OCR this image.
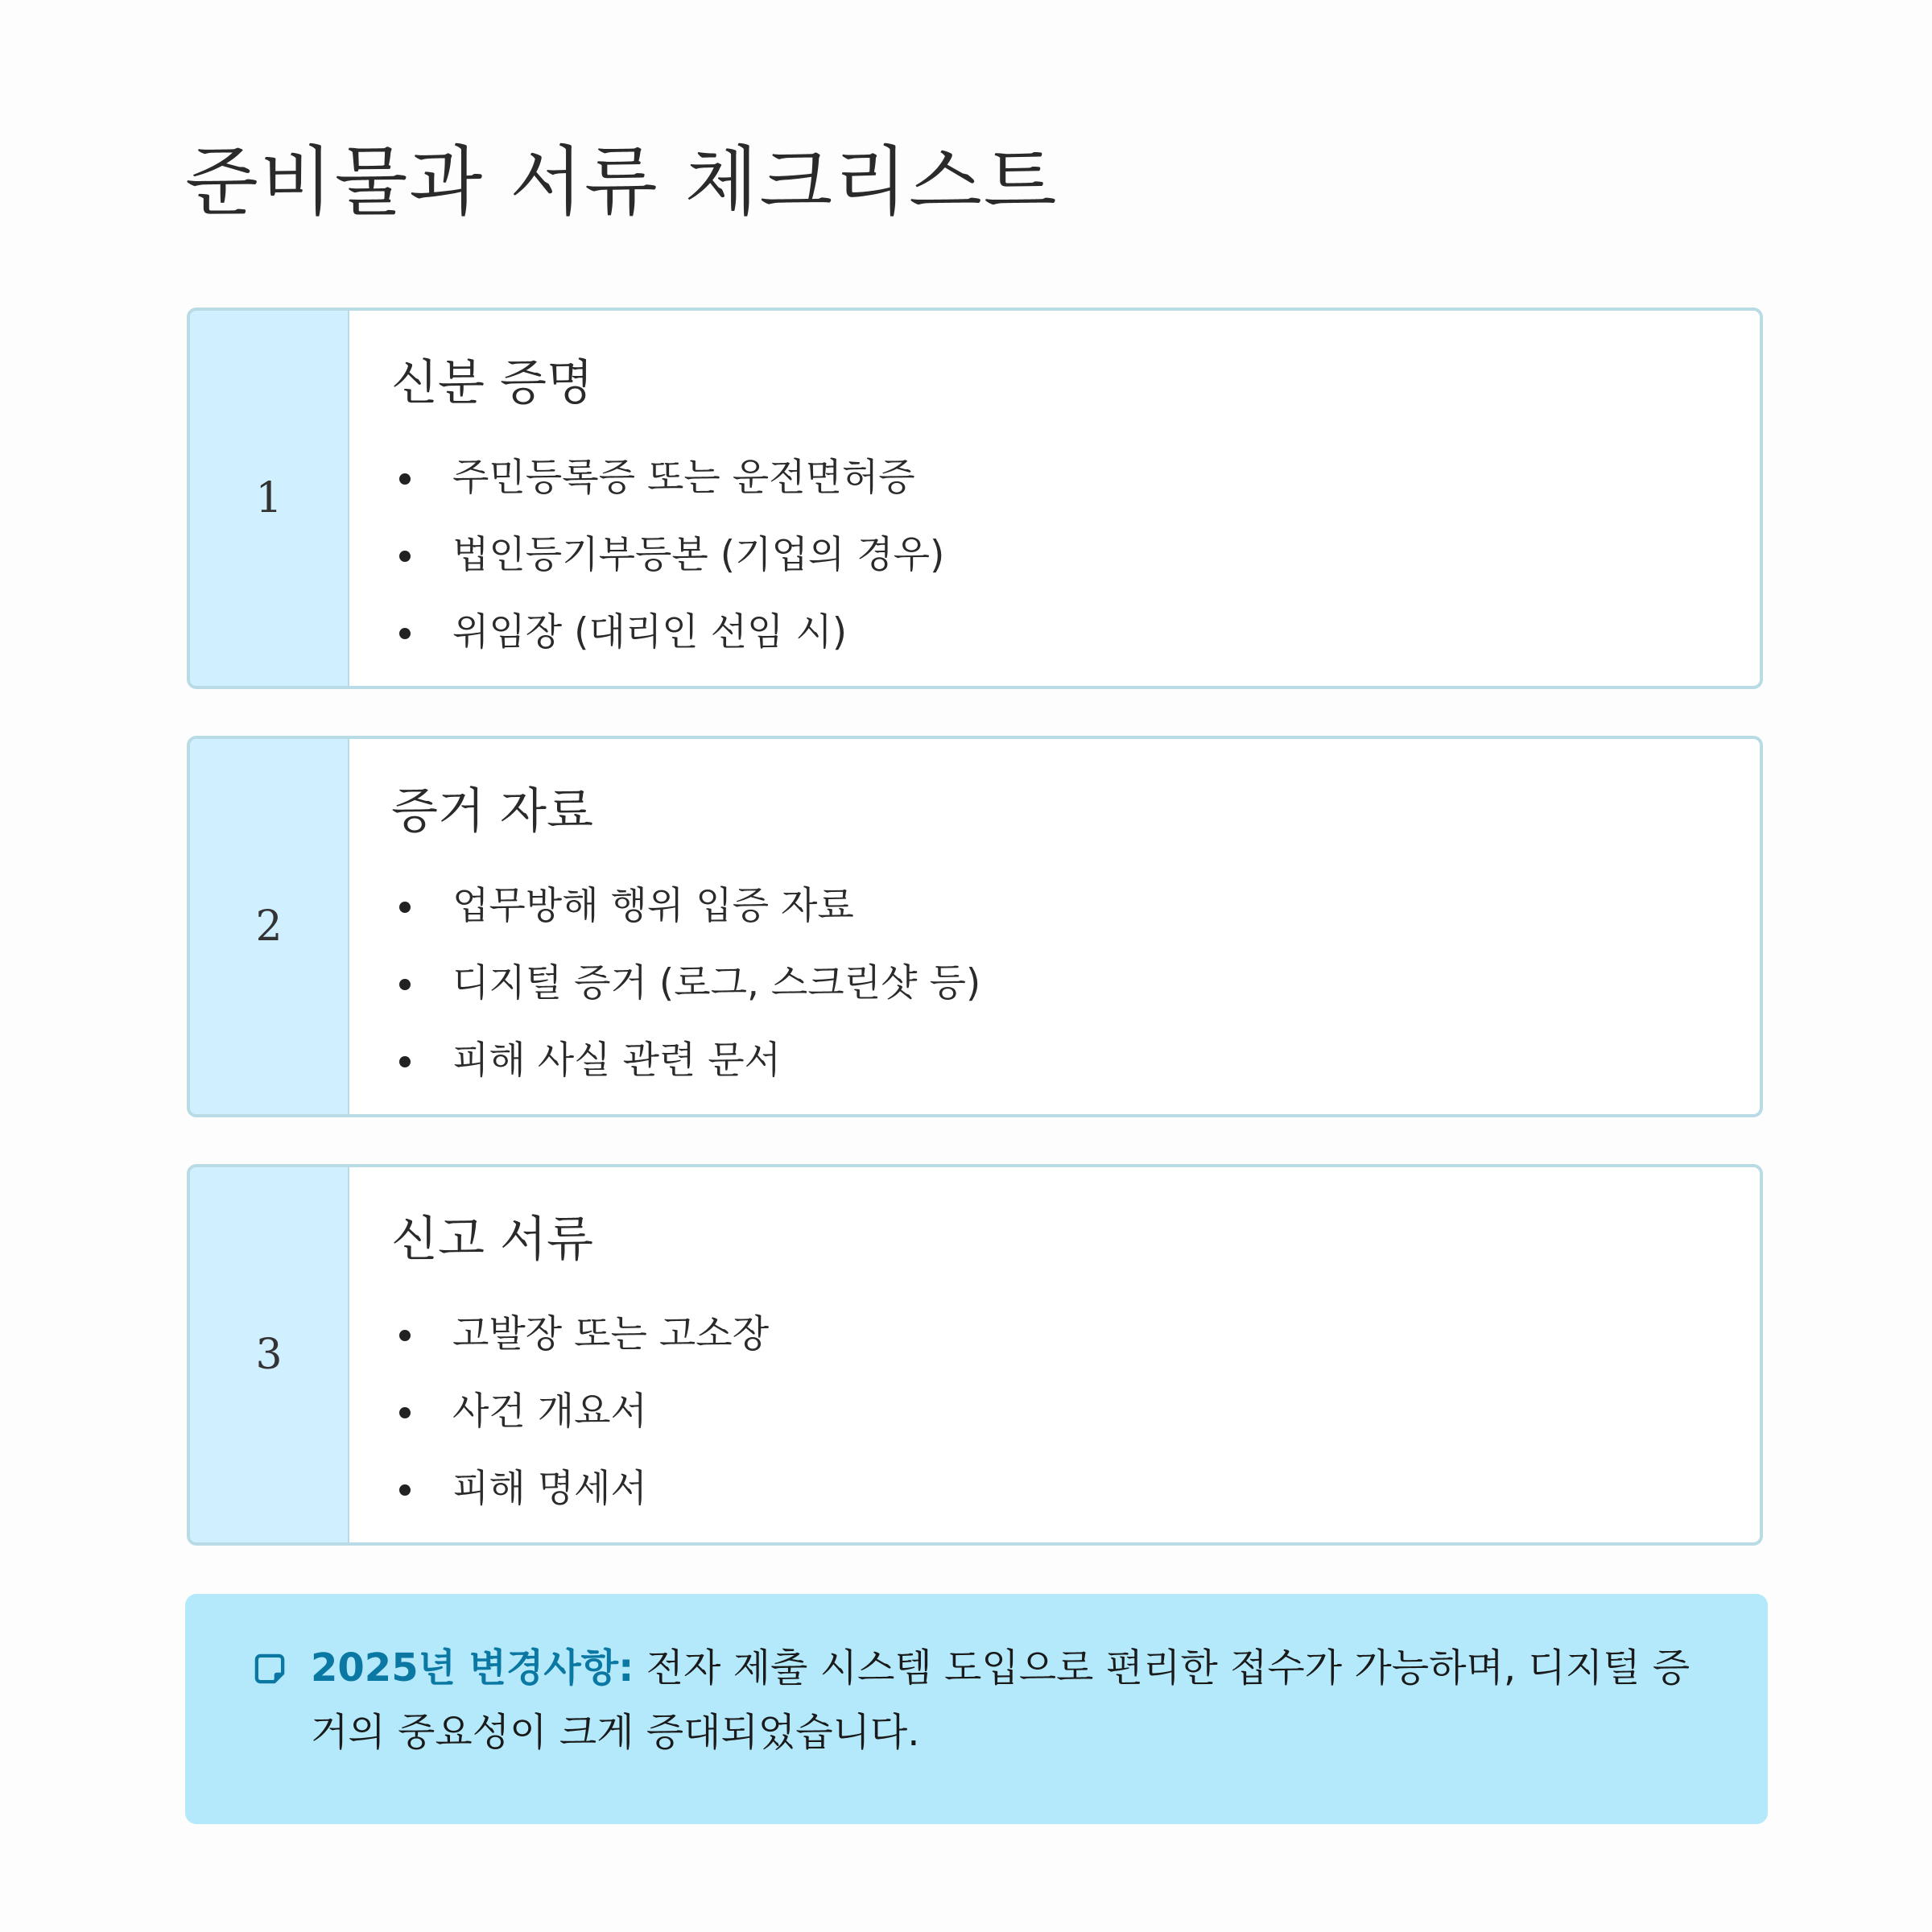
준비물과 서류 체크리스트
1
신분 증명
주민등록증 또는 운전면허증
법인등기부등본 (기업의 경우)
위임장 (대리인 선임 시)
2
증거 자료
업무방해 행위 입증 자료
디지털 증거 (로그, 스크린샷 등)
피해 사실 관련 문서
3
신고 서류
고발장 또는 고소장
사건 개요서
피해 명세서

2025년 변경사항: 전자 제출 시스템 도입으로 편리한 접수가 가능하며, 디지털 증거의 중요성이 크게 증대되었습니다.
